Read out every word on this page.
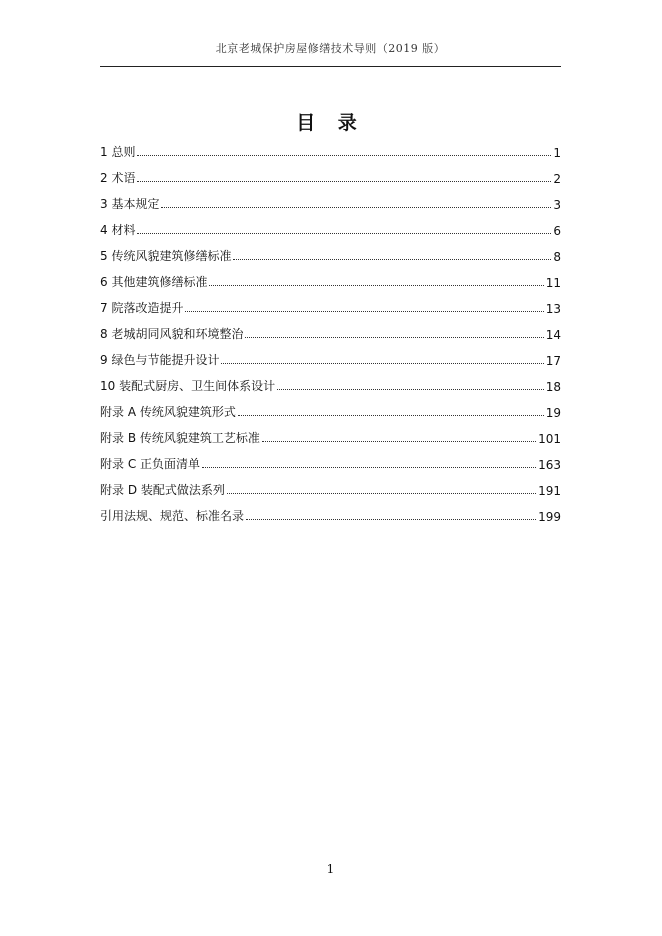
北京老城保护房屋修缮技术导则（2019 版）
目 录
1 总则	1
2 术语	2
3 基本规定	3
4 材料	6
5 传统风貌建筑修缮标准	8
6 其他建筑修缮标准	11
7 院落改造提升	13
8 老城胡同风貌和环境整治	14
9 绿色与节能提升设计	17
10 装配式厨房、卫生间体系设计	18
附录 A 传统风貌建筑形式	19
附录 B 传统风貌建筑工艺标准	101
附录 C 正负面清单	163
附录 D 装配式做法系列	191
引用法规、规范、标准名录	199
1
